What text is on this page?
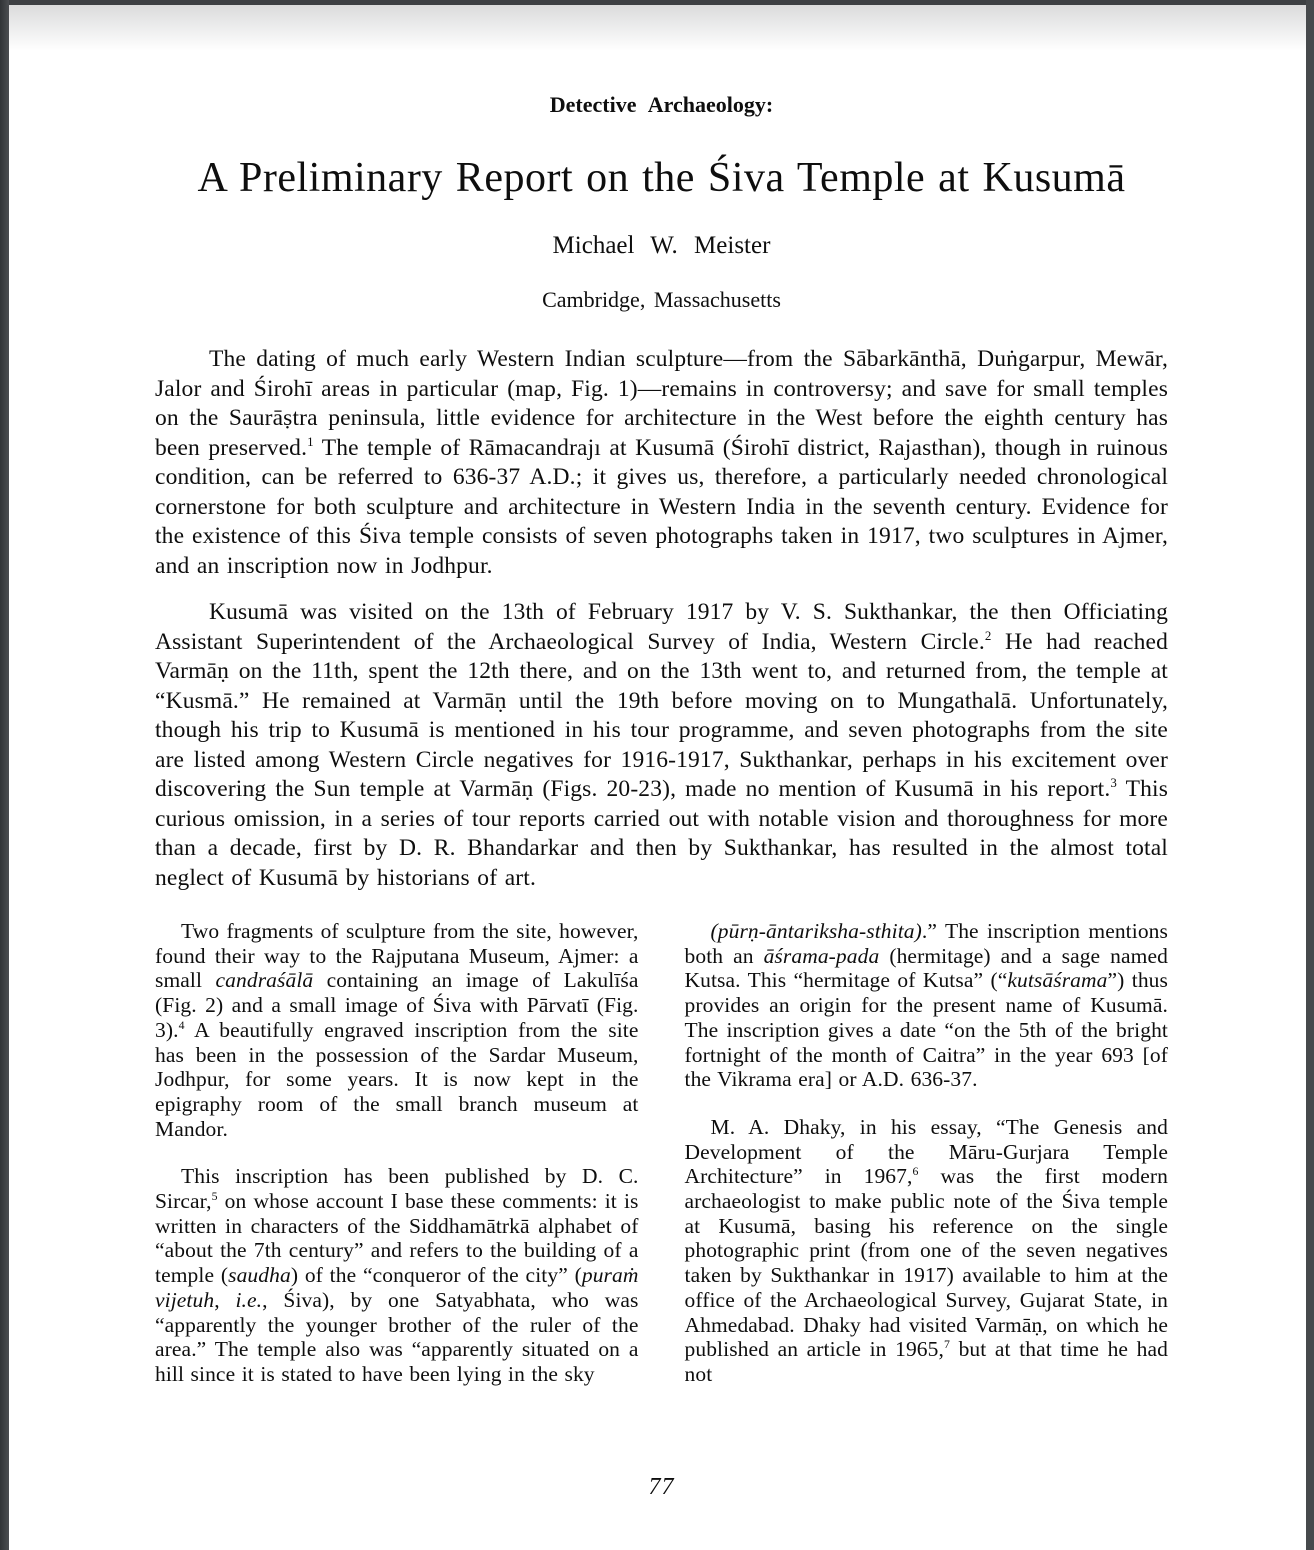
Detective Archaeology:
A Preliminary Report on the Śiva Temple at Kusumā
Michael W. Meister
Cambridge, Massachusetts

The dating of much early Western Indian sculpture—from the Sābarkānthā, Duṅgarpur, Mewār, Jalor and Śirohī areas in particular (map, Fig. 1)—remains in controversy; and save for small temples on the Saurāṣtra peninsula, little evidence for architecture in the West before the eighth century has been preserved.$^1$ The temple of Rāmacandrajı at Kusumā (Śirohī district, Rajasthan), though in ruinous condition, can be referred to 636-37 A.D.; it gives us, therefore, a particularly needed chronological cornerstone for both sculpture and architecture in Western India in the seventh century. Evidence for the existence of this Śiva temple consists of seven photographs taken in 1917, two sculptures in Ajmer, and an inscription now in Jodhpur.

Kusumā was visited on the 13th of February 1917 by V. S. Sukthankar, the then Officiating Assistant Superintendent of the Archaeological Survey of India, Western Circle.$^2$ He had reached Varmāṇ on the 11th, spent the 12th there, and on the 13th went to, and returned from, the temple at “Kusmā.” He remained at Varmāṇ until the 19th before moving on to Mungathalā. Unfortunately, though his trip to Kusumā is mentioned in his tour programme, and seven photographs from the site are listed among Western Circle negatives for 1916-1917, Sukthankar, perhaps in his excitement over discovering the Sun temple at Varmāṇ (Figs. 20-23), made no mention of Kusumā in his report.$^3$ This curious omission, in a series of tour reports carried out with notable vision and thoroughness for more than a decade, first by D. R. Bhandarkar and then by Sukthankar, has resulted in the almost total neglect of Kusumā by historians of art.

Two fragments of sculpture from the site, however, found their way to the Rajputana Museum, Ajmer: a small candraśālā containing an image of Lakulīśa (Fig. 2) and a small image of Śiva with Pārvatī (Fig. 3).$^4$ A beautifully engraved inscription from the site has been in the possession of the Sardar Museum, Jodhpur, for some years. It is now kept in the epigraphy room of the small branch museum at Mandor.

This inscription has been published by D. C. Sircar,$^5$ on whose account I base these comments: it is written in characters of the Siddhamātrkā alphabet of “about the 7th century” and refers to the building of a temple (saudha) of the “conqueror of the city” (puraṁ vijetuh, i.e., Śiva), by one Satyabhata, who was “apparently the younger brother of the ruler of the area.” The temple also was “apparently situated on a hill since it is stated to have been lying in the sky

(pūrṇ-āntariksha-sthita).” The inscription mentions both an āśrama-pada (hermitage) and a sage named Kutsa. This “hermitage of Kutsa” (“kutsāśrama”) thus provides an origin for the present name of Kusumā. The inscription gives a date “on the 5th of the bright fortnight of the month of Caitra” in the year 693 [of the Vikrama era] or A.D. 636-37.

M. A. Dhaky, in his essay, “The Genesis and Development of the Māru-Gurjara Temple Architecture” in 1967,$^6$ was the first modern archaeologist to make public note of the Śiva temple at Kusumā, basing his reference on the single photographic print (from one of the seven negatives taken by Sukthankar in 1917) available to him at the office of the Archaeological Survey, Gujarat State, in Ahmedabad. Dhaky had visited Varmāṇ, on which he published an article in 1965,$^7$ but at that time he had not

77
